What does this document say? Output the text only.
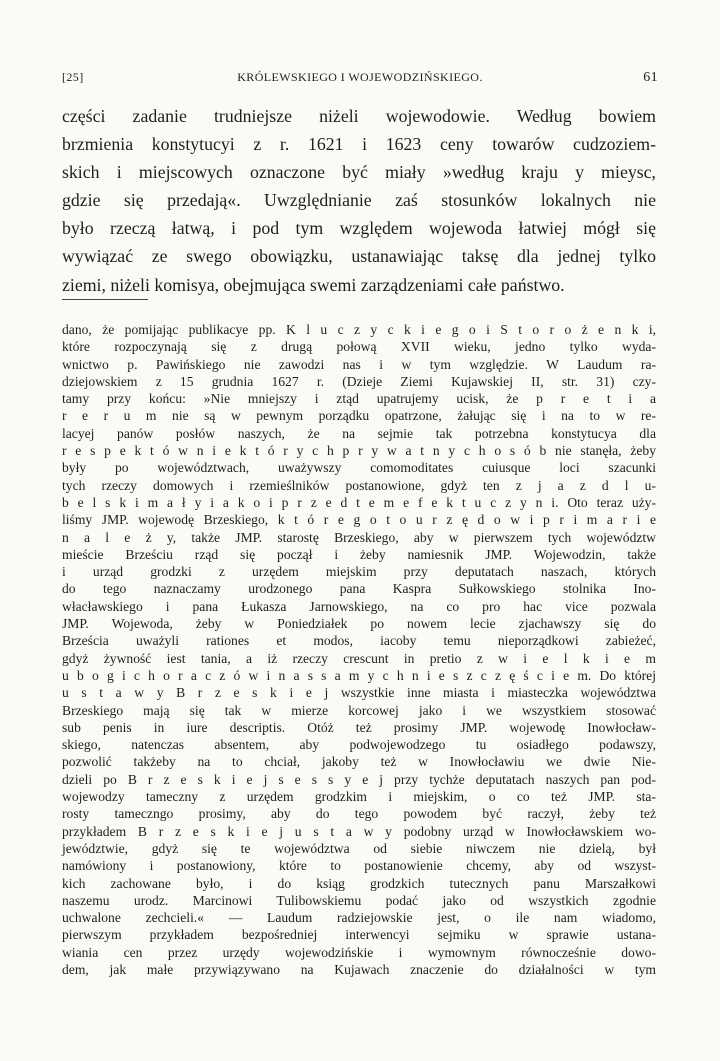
[25]	KRÓLEWSKIEGO I WOJEWODZIŃSKIEGO.	61
części zadanie trudniejsze niżeli wojewodowie. Według bowiem
brzmienia konstytucyi z r. 1621 i 1623 ceny towarów cudzoziem-
skich i miejscowych oznaczone być miały »według kraju y mieysc,
gdzie się przedają«. Uwzględnianie zaś stosunków lokalnych nie
było rzeczą łatwą, i pod tym względem wojewoda łatwiej mógł się
wywiązać ze swego obowiązku, ustanawiając taksę dla jednej tylko
ziemi, niżeli komisya, obejmująca swemi zarządzeniami całe państwo.
dano, że pomijając publikacye pp. K l u c z y c k i e g o i S t o r o ż e n k i,
które rozpoczynają się z drugą połową XVII wieku, jedno tylko wyda-
wnictwo p. Pawińskiego nie zawodzi nas i w tym względzie. W Laudum ra-
dziejowskiem z 15 grudnia 1627 r. (Dzieje Ziemi Kujawskiej II, str. 31) czy-
tamy przy końcu: »Nie mniejszy i ztąd upatrujemy ucisk, że p r e t i a
r e r u m nie są w pewnym porządku opatrzone, żałując się i na to w re-
lacyej panów posłów naszych, że na sejmie tak potrzebna konstytucya dla
r e s p e k t ó w n i e k t ó r y c h p r y w a t n y c h o s ó b nie stanęła, żeby
były po województwach, uważywszy comomoditates cuiusque loci szacunki
tych rzeczy domowych i rzemieślników postanowione, gdyż ten z j a z d l u-
b e l s k i m a ł y i a k o i p r z e d t e m e f e k t u c z y n i. Oto teraz uży-
liśmy JMP. wojewodę Brzeskiego, k t ó r e g o t o u r z ę d o w i p r i m a r i e
n a l e ż y, także JMP. starostę Brzeskiego, aby w pierwszem tych województw
mieście Brześciu rząd się począł i żeby namiesnik JMP. Wojewodzin, także
i urząd grodzki z urzędem miejskim przy deputatach naszach, których
do tego naznaczamy urodzonego pana Kaspra Sułkowskiego stolnika Ino-
włacławskiego i pana Łukasza Jarnowskiego, na co pro hac vice pozwala
JMP. Wojewoda, żeby w Poniedziałek po nowem lecie zjachawszy się do
Brześcia uważyli rationes et modos, iacoby temu nieporządkowi zabieżeć,
gdyż żywność iest tania, a iż rzeczy crescunt in pretio z w i e l k i e m
u b o g i c h o r a c z ó w i n a s s a m y c h n i e s z c z ę ś c i e m. Do której
u s t a w y B r z e s k i e j wszystkie inne miasta i miasteczka województwa
Brzeskiego mają się tak w mierze korcowej jako i we wszystkiem stosować
sub penis in iure descriptis. Otóż też prosimy JMP. wojewodę Inowłocław-
skiego, natenczas absentem, aby podwojewodzego tu osiadłego podawszy,
pozwolić takżeby na to chciał, jakoby też w Inowłocławiu we dwie Nie-
dzieli po B r z e s k i e j s e s s y e j przy tychże deputatach naszych pan pod-
wojewodzy tameczny z urzędem grodzkim i miejskim, o co też JMP. sta-
rosty tameczngo prosimy, aby do tego powodem być raczył, żeby też
przykładem B r z e s k i e j u s t a w y podobny urząd w Inowłocławskiem wo-
jewództwie, gdyż się te województwa od siebie niwczem nie dzielą, był
namówiony i postanowiony, które to postanowienie chcemy, aby od wszyst-
kich zachowane było, i do ksiąg grodzkich tutecznych panu Marszałkowi
naszemu urodz. Marcinowi Tulibowskiemu podać jako od wszystkich zgodnie
uchwalone zechcieli.« — Laudum radziejowskie jest, o ile nam wiadomo,
pierwszym przykładem bezpośredniej interwencyi sejmiku w sprawie ustana-
wiania cen przez urzędy wojewodzińskie i wymownym równocześnie dowo-
dem, jak małe przywiązywano na Kujawach znaczenie do działalności w tym
